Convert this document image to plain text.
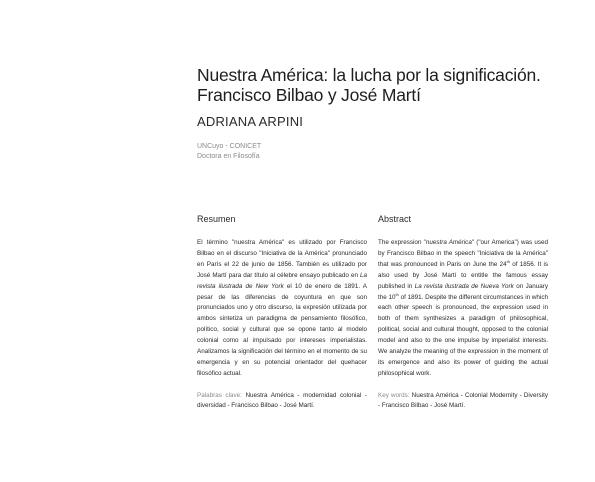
Nuestra América: la lucha por la significación.
Francisco Bilbao y José Martí
ADRIANA ARPINI
UNCuyo - CONICET
Doctora en Filosofía
Resumen

El término "nuestra América" es utilizado por Francisco Bilbao en el discurso "Iniciativa de la América" pronunciado en París el 22 de junio de 1856. También es utilizado por José Martí para dar título al célebre ensayo publicado en La revista ilustrada de New York el 10 de enero de 1891. A pesar de las diferencias de coyuntura en que son pronunciados uno y otro discurso, la expresión utilizada por ambos sintetiza un paradigma de pensamiento filosófico, político, social y cultural que se opone tanto al modelo colonial como al impulsado por intereses imperialistas. Analizamos la significación del término en el momento de su emergencia y en su potencial orientador del quehacer filosófico actual.

Palabras clave: Nuestra América - modernidad colonial - diversidad - Francisco Bilbao - José Martí.
Abstract

The expression "nuestra América" ("our America") was used by Francisco Bilbao in the speech "Iniciativa de la América" that was pronounced in Paris on June the 24th of 1856. It is also used by José Martí to entitle the famous essay published in La revista ilustrada de Nueva York on January the 10th of 1891. Despite the different circumstances in which each other speech is pronounced, the expression used in both of them synthesizes a paradigm of philosophical, political, social and cultural thought, opposed to the colonial model and also to the one impulse by imperialist interests. We analyze the meaning of the expression in the moment of its emergence and also its power of guiding the actual philosophical work.

Key words: Nuestra América - Colonial Modernity - Diversity - Francisco Bilbao - José Martí.
